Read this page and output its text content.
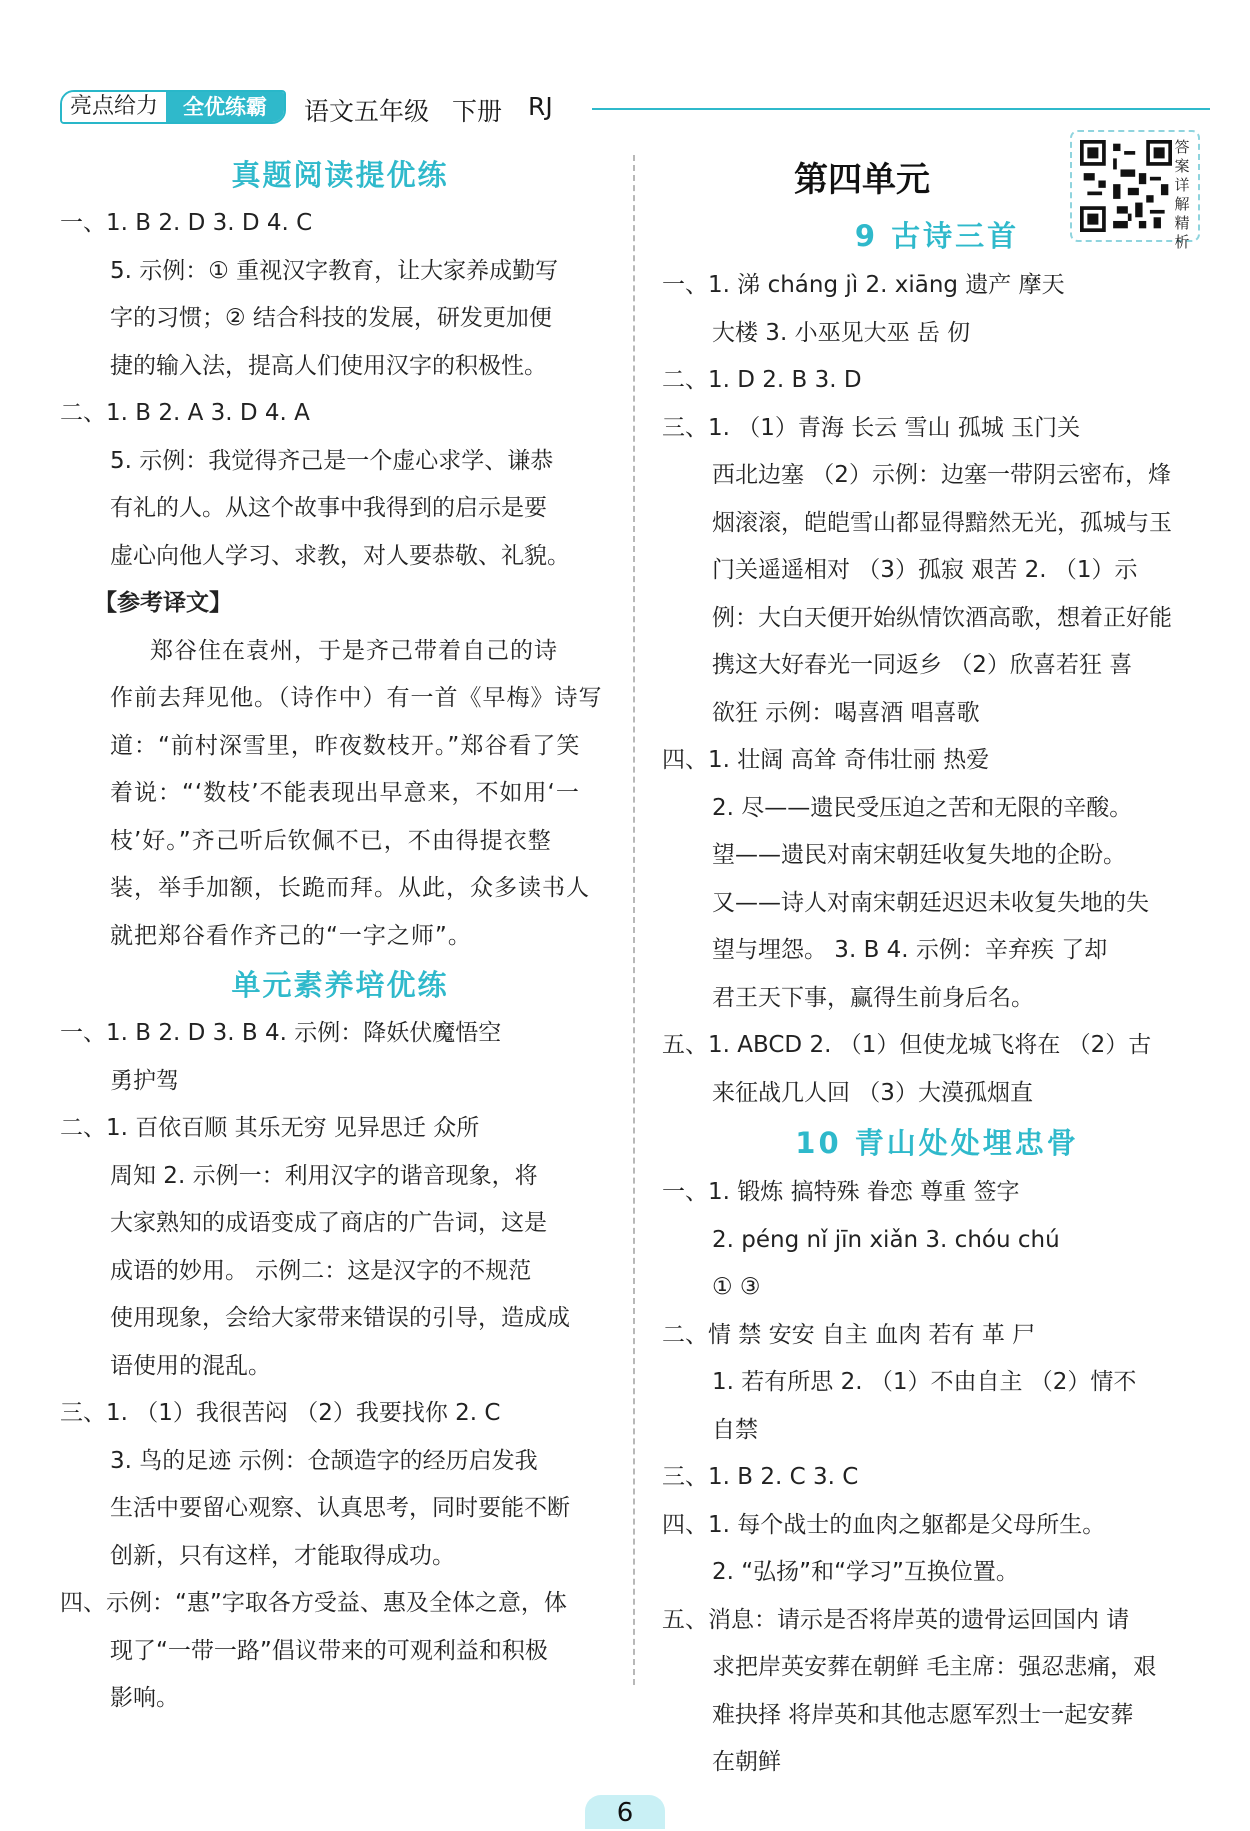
亮点给力	全优练霸	语文五年级 下册 RJ
答案详解精析
真题阅读提优练
一、1. B 2. D 3. D 4. C
5. 示例：① 重视汉字教育，让大家养成勤写
字的习惯；② 结合科技的发展，研发更加便
捷的输入法，提高人们使用汉字的积极性。
二、1. B 2. A 3. D 4. A
5. 示例：我觉得齐己是一个虚心求学、谦恭
有礼的人。从这个故事中我得到的启示是要
虚心向他人学习、求教，对人要恭敬、礼貌。
【参考译文】
郑谷住在袁州，于是齐己带着自己的诗
作前去拜见他。（诗作中）有一首《早梅》诗写
道：“前村深雪里，昨夜数枝开。”郑谷看了笑
着说：“‘数枝’不能表现出早意来，不如用‘一
枝’好。”齐己听后钦佩不已，不由得提衣整
装，举手加额，长跪而拜。从此，众多读书人
就把郑谷看作齐己的“一字之师”。
单元素养培优练
一、1. B 2. D 3. B 4. 示例：降妖伏魔悟空
勇护驾
二、1. 百依百顺 其乐无穷 见异思迁 众所
周知 2. 示例一：利用汉字的谐音现象，将
大家熟知的成语变成了商店的广告词，这是
成语的妙用。 示例二：这是汉字的不规范
使用现象，会给大家带来错误的引导，造成成
语使用的混乱。
三、1. （1）我很苦闷 （2）我要找你 2. C
3. 鸟的足迹 示例：仓颉造字的经历启发我
生活中要留心观察、认真思考，同时要能不断
创新，只有这样，才能取得成功。
四、示例：“惠”字取各方受益、惠及全体之意，体
现了“一带一路”倡议带来的可观利益和积极
影响。
第四单元
9 古诗三首
一、1. 涕 cháng jì 2. xiāng 遗产 摩天
大楼 3. 小巫见大巫 岳 仞
二、1. D 2. B 3. D
三、1. （1）青海 长云 雪山 孤城 玉门关
西北边塞 （2）示例：边塞一带阴云密布，烽
烟滚滚，皑皑雪山都显得黯然无光，孤城与玉
门关遥遥相对 （3）孤寂 艰苦 2. （1）示
例：大白天便开始纵情饮酒高歌，想着正好能
携这大好春光一同返乡 （2）欣喜若狂 喜
欲狂 示例：喝喜酒 唱喜歌
四、1. 壮阔 高耸 奇伟壮丽 热爱
2. 尽——遗民受压迫之苦和无限的辛酸。
望——遗民对南宋朝廷收复失地的企盼。
又——诗人对南宋朝廷迟迟未收复失地的失
望与埋怨。 3. B 4. 示例：辛弃疾 了却
君王天下事，赢得生前身后名。
五、1. ABCD 2. （1）但使龙城飞将在 （2）古
来征战几人回 （3）大漠孤烟直
10 青山处处埋忠骨
一、1. 锻炼 搞特殊 眷恋 尊重 签字
2. péng nǐ jīn xiǎn 3. chóu chú
① ③
二、情 禁 安安 自主 血肉 若有 革 尸
1. 若有所思 2. （1）不由自主 （2）情不
自禁
三、1. B 2. C 3. C
四、1. 每个战士的血肉之躯都是父母所生。
2. “弘扬”和“学习”互换位置。
五、消息：请示是否将岸英的遗骨运回国内 请
求把岸英安葬在朝鲜 毛主席：强忍悲痛，艰
难抉择 将岸英和其他志愿军烈士一起安葬
在朝鲜
6
